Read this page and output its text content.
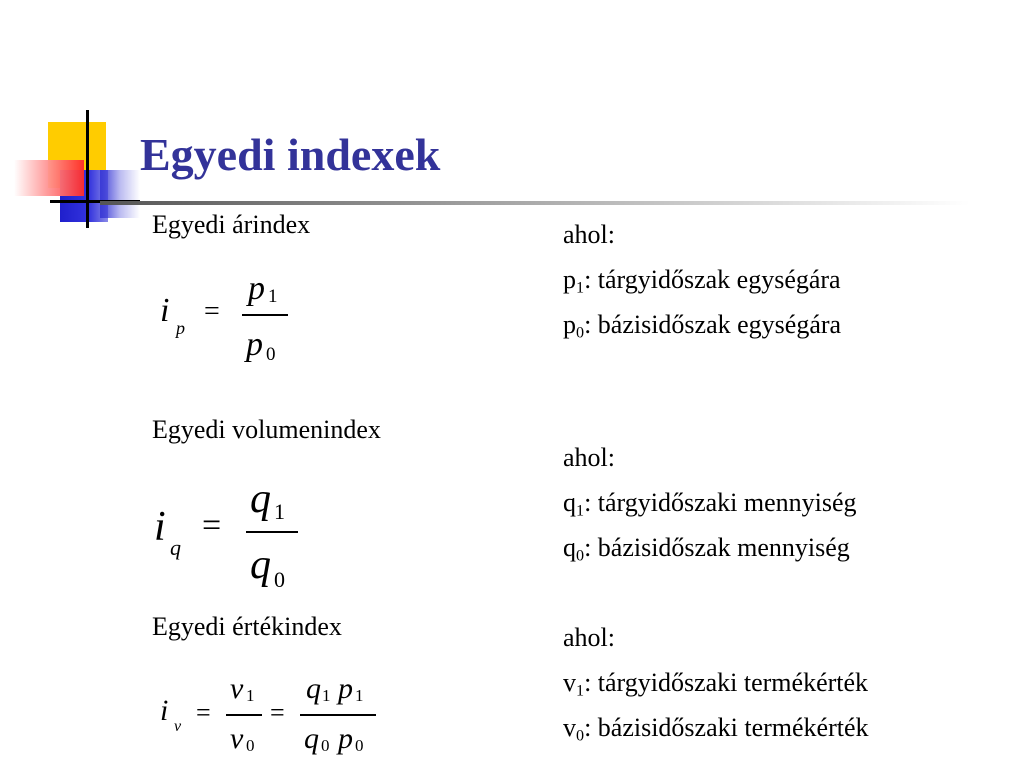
Egyedi indexek
Egyedi árindex
i p
=
p 1
p 0
ahol:
$p_1$: tárgyidőszak egységára
$p_0$: bázisidőszak egységára
Egyedi volumenindex
i q
=
q 1
q 0
ahol:
$q_1$: tárgyidőszaki mennyiség
$q_0$: bázisidőszak mennyiség
Egyedi értékindex
i v =
v 1
v 0
=
q 1 p 1
q 0 p 0
ahol:
$v_1$: tárgyidőszaki termékérték
$v_0$: bázisidőszaki termékérték
